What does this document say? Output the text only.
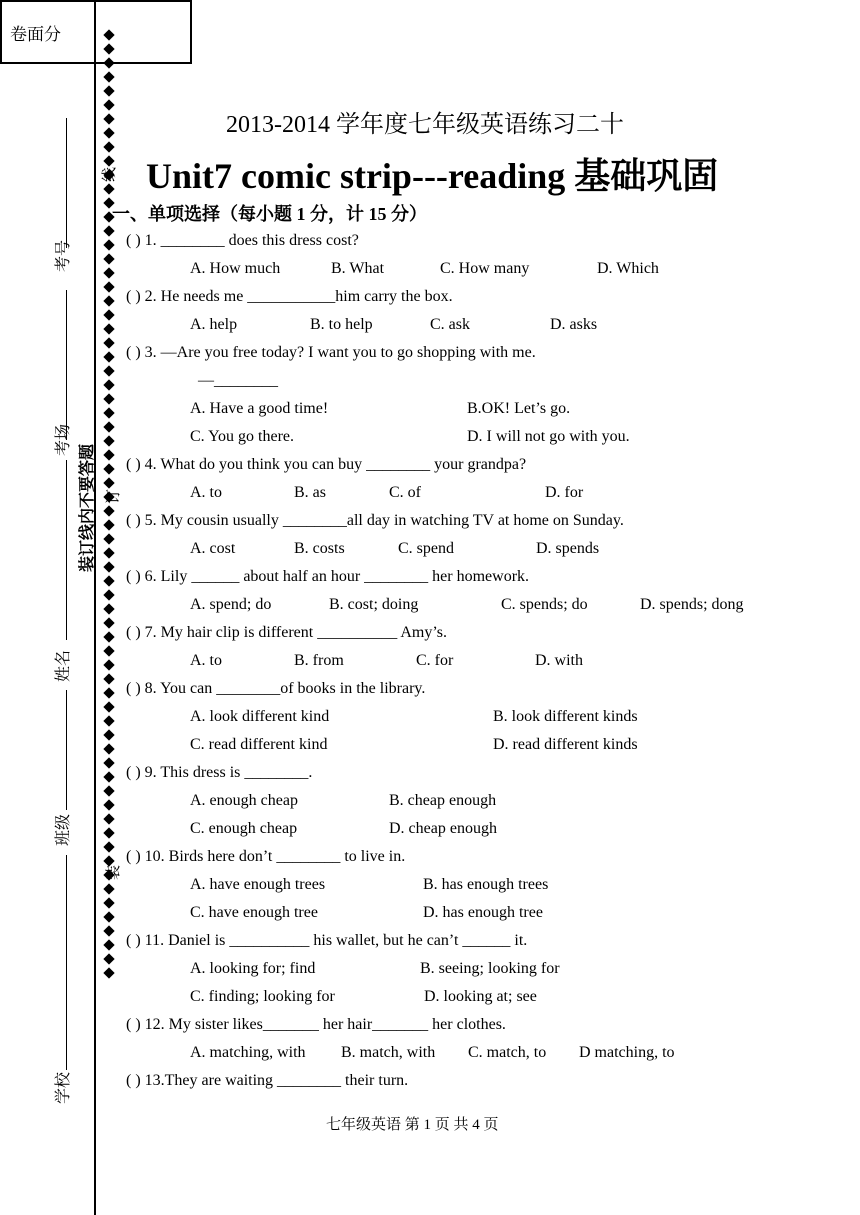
卷面分
考号
考场
姓名
班级
学校
线
装订线内不要答题 订
装
2013-2014 学年度七年级英语练习二十
Unit7 comic strip---reading 基础巩固
一、单项选择（每小题 1 分，计 15 分）
( ) 1. ________ does this dress cost?
A. How much	B. What	C. How many	D. Which
( ) 2. He needs me ___________him carry the box.
A. help	B. to help	C. ask	D. asks
( ) 3. —Are you free today? I want you to go shopping with me.
—________
A. Have a good time!	B.OK! Let’s go.
C. You go there.	D. I will not go with you.
( ) 4. What do you think you can buy ________ your grandpa?
A. to	B. as	C. of	D. for
( ) 5. My cousin usually ________all day in watching TV at home on Sunday.
A. cost	B. costs	C. spend	D. spends
( ) 6. Lily ______ about half an hour ________ her homework.
A. spend; do	B. cost; doing	C. spends; do	D. spends; dong
( ) 7. My hair clip is different __________ Amy’s.
A. to	B. from	C. for	D. with
( ) 8. You can ________of books in the library.
A. look different kind	B. look different kinds
C. read different kind	D. read different kinds
( ) 9. This dress is ________.
A. enough cheap	B. cheap enough
C. enough cheap	D. cheap enough
( ) 10. Birds here don’t ________ to live in.
A. have enough trees	B. has enough trees
C. have enough tree	D. has enough tree
( ) 11. Daniel is __________ his wallet, but he can’t ______ it.
A. looking for; find	B. seeing; looking for
C. finding; looking for	D. looking at; see
( ) 12. My sister likes_______ her hair_______ her clothes.
A. matching, with B. match, with C. match, to D matching, to
( ) 13.They are waiting ________ their turn.
七年级英语 第 1 页 共 4 页
